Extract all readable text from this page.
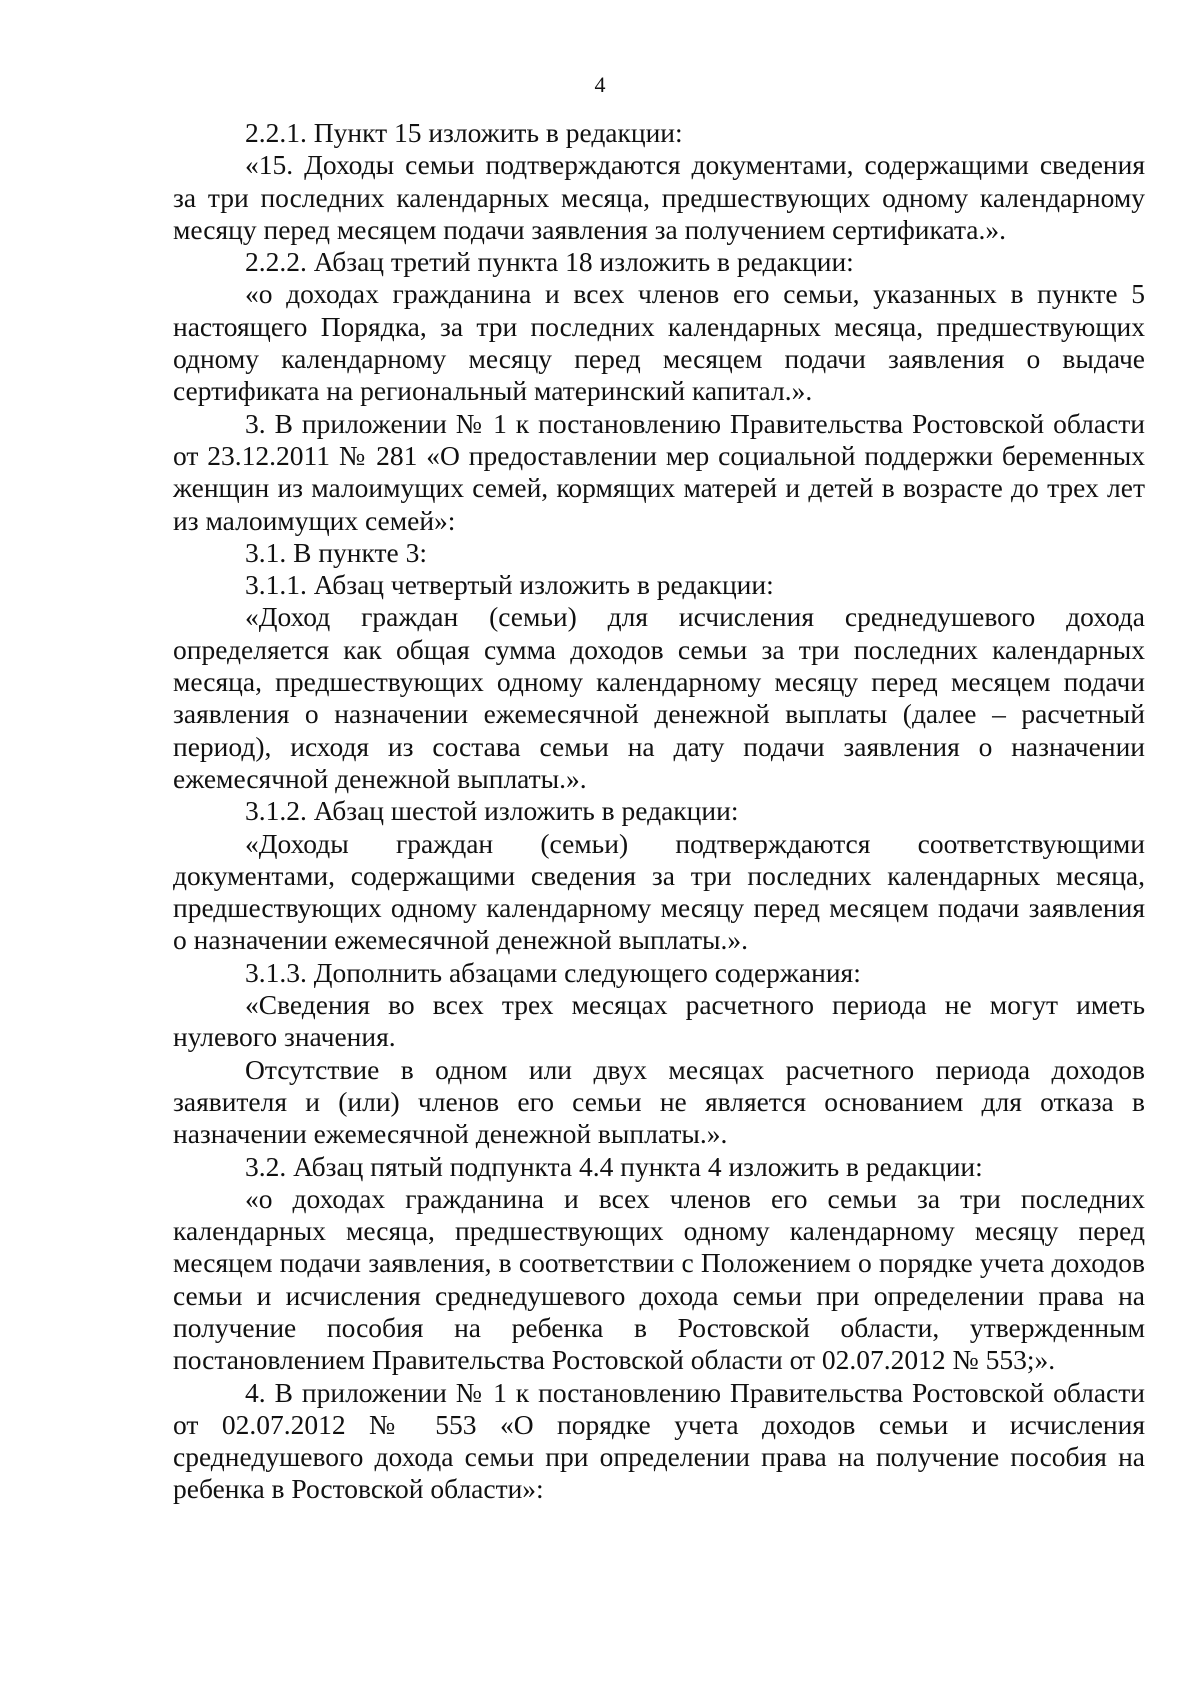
4

2.2.1. Пункт 15 изложить в редакции:

«15. Доходы семьи подтверждаются документами, содержащими сведения за три последних календарных месяца, предшествующих одному календарному месяцу перед месяцем подачи заявления за получением сертификата.».

2.2.2. Абзац третий пункта 18 изложить в редакции:

«о доходах гражданина и всех членов его семьи, указанных в пункте 5 настоящего Порядка, за три последних календарных месяца, предшествующих одному календарному месяцу перед месяцем подачи заявления о выдаче сертификата на региональный материнский капитал.».

3. В приложении № 1 к постановлению Правительства Ростовской области от 23.12.2011 № 281 «О предоставлении мер социальной поддержки беременных женщин из малоимущих семей, кормящих матерей и детей в возрасте до трех лет из малоимущих семей»:

3.1. В пункте 3:

3.1.1. Абзац четвертый изложить в редакции:

«Доход граждан (семьи) для исчисления среднедушевого дохода определяется как общая сумма доходов семьи за три последних календарных месяца, предшествующих одному календарному месяцу перед месяцем подачи заявления о назначении ежемесячной денежной выплаты (далее – расчетный период), исходя из состава семьи на дату подачи заявления о назначении ежемесячной денежной выплаты.».

3.1.2. Абзац шестой изложить в редакции:

«Доходы граждан (семьи) подтверждаются соответствующими документами, содержащими сведения за три последних календарных месяца, предшествующих одному календарному месяцу перед месяцем подачи заявления о назначении ежемесячной денежной выплаты.».

3.1.3. Дополнить абзацами следующего содержания:

«Сведения во всех трех месяцах расчетного периода не могут иметь нулевого значения.

Отсутствие в одном или двух месяцах расчетного периода доходов заявителя и (или) членов его семьи не является основанием для отказа в назначении ежемесячной денежной выплаты.».

3.2. Абзац пятый подпункта 4.4 пункта 4 изложить в редакции:

«о доходах гражданина и всех членов его семьи за три последних календарных месяца, предшествующих одному календарному месяцу перед месяцем подачи заявления, в соответствии с Положением о порядке учета доходов семьи и исчисления среднедушевого дохода семьи при определении права на получение пособия на ребенка в Ростовской области, утвержденным постановлением Правительства Ростовской области от 02.07.2012 № 553;».

4. В приложении № 1 к постановлению Правительства Ростовской области от 02.07.2012 № 553 «О порядке учета доходов семьи и исчисления среднедушевого дохода семьи при определении права на получение пособия на ребенка в Ростовской области»:
